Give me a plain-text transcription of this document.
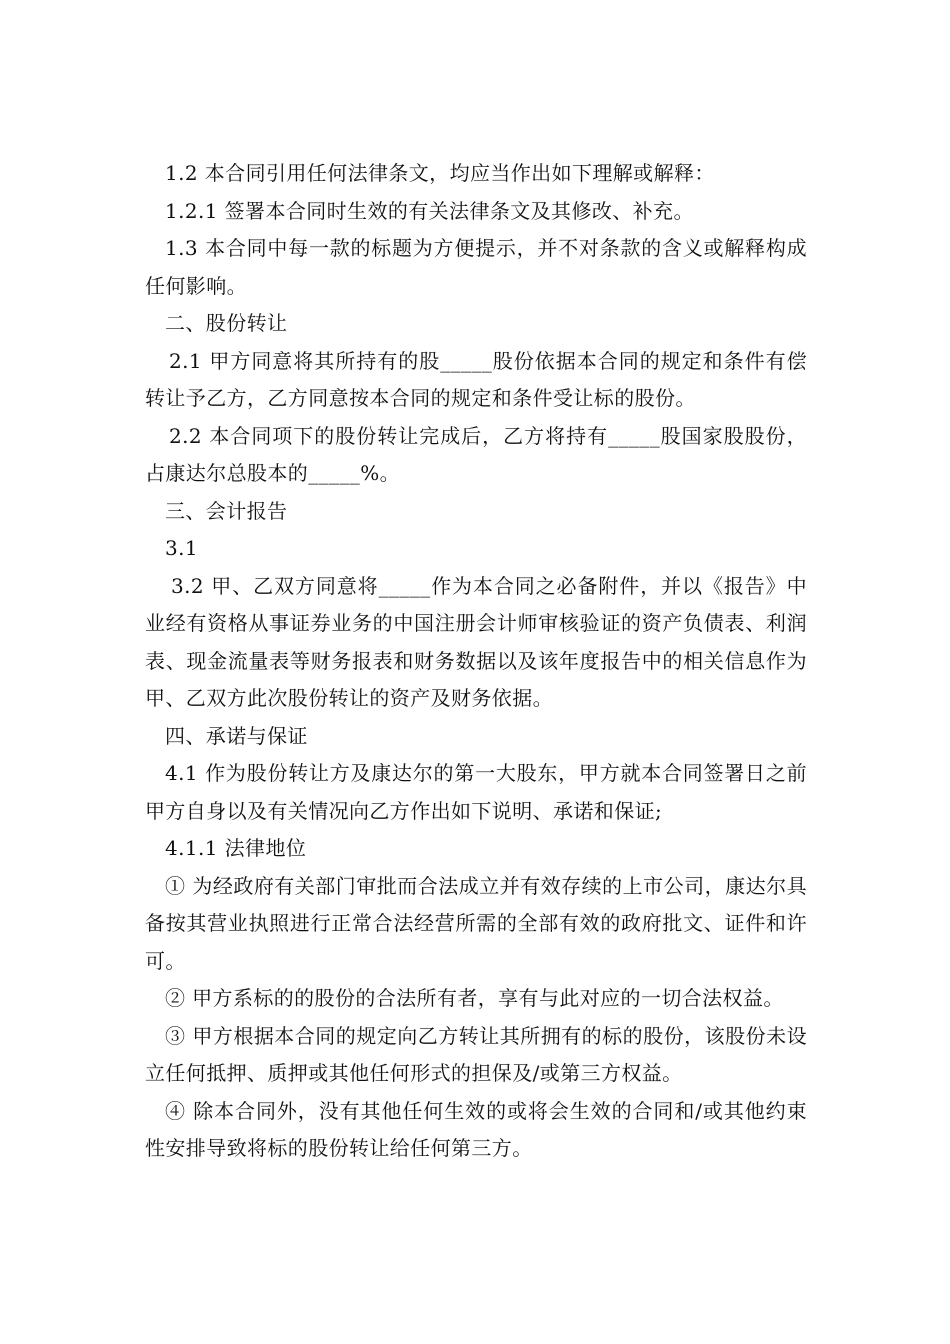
1.2 本合同引用任何法律条文，均应当作出如下理解或解释：

1.2.1 签署本合同时生效的有关法律条文及其修改、补充。

1.3 本合同中每一款的标题为方便提示，并不对条款的含义或解释构成任何影响。

二、股份转让

2.1 甲方同意将其所持有的股_____股份依据本合同的规定和条件有偿转让予乙方，乙方同意按本合同的规定和条件受让标的股份。

2.2 本合同项下的股份转让完成后，乙方将持有_____股国家股股份，占康达尔总股本的_____%。

三、会计报告

3.1

3.2 甲、乙双方同意将_____作为本合同之必备附件，并以《报告》中业经有资格从事证券业务的中国注册会计师审核验证的资产负债表、利润表、现金流量表等财务报表和财务数据以及该年度报告中的相关信息作为甲、乙双方此次股份转让的资产及财务依据。

四、承诺与保证

4.1 作为股份转让方及康达尔的第一大股东，甲方就本合同签署日之前甲方自身以及有关情况向乙方作出如下说明、承诺和保证;

4.1.1 法律地位

① 为经政府有关部门审批而合法成立并有效存续的上市公司，康达尔具备按其营业执照进行正常合法经营所需的全部有效的政府批文、证件和许可。

② 甲方系标的的股份的合法所有者，享有与此对应的一切合法权益。

③ 甲方根据本合同的规定向乙方转让其所拥有的标的股份，该股份未设立任何抵押、质押或其他任何形式的担保及/或第三方权益。

④ 除本合同外，没有其他任何生效的或将会生效的合同和/或其他约束性安排导致将标的股份转让给任何第三方。
